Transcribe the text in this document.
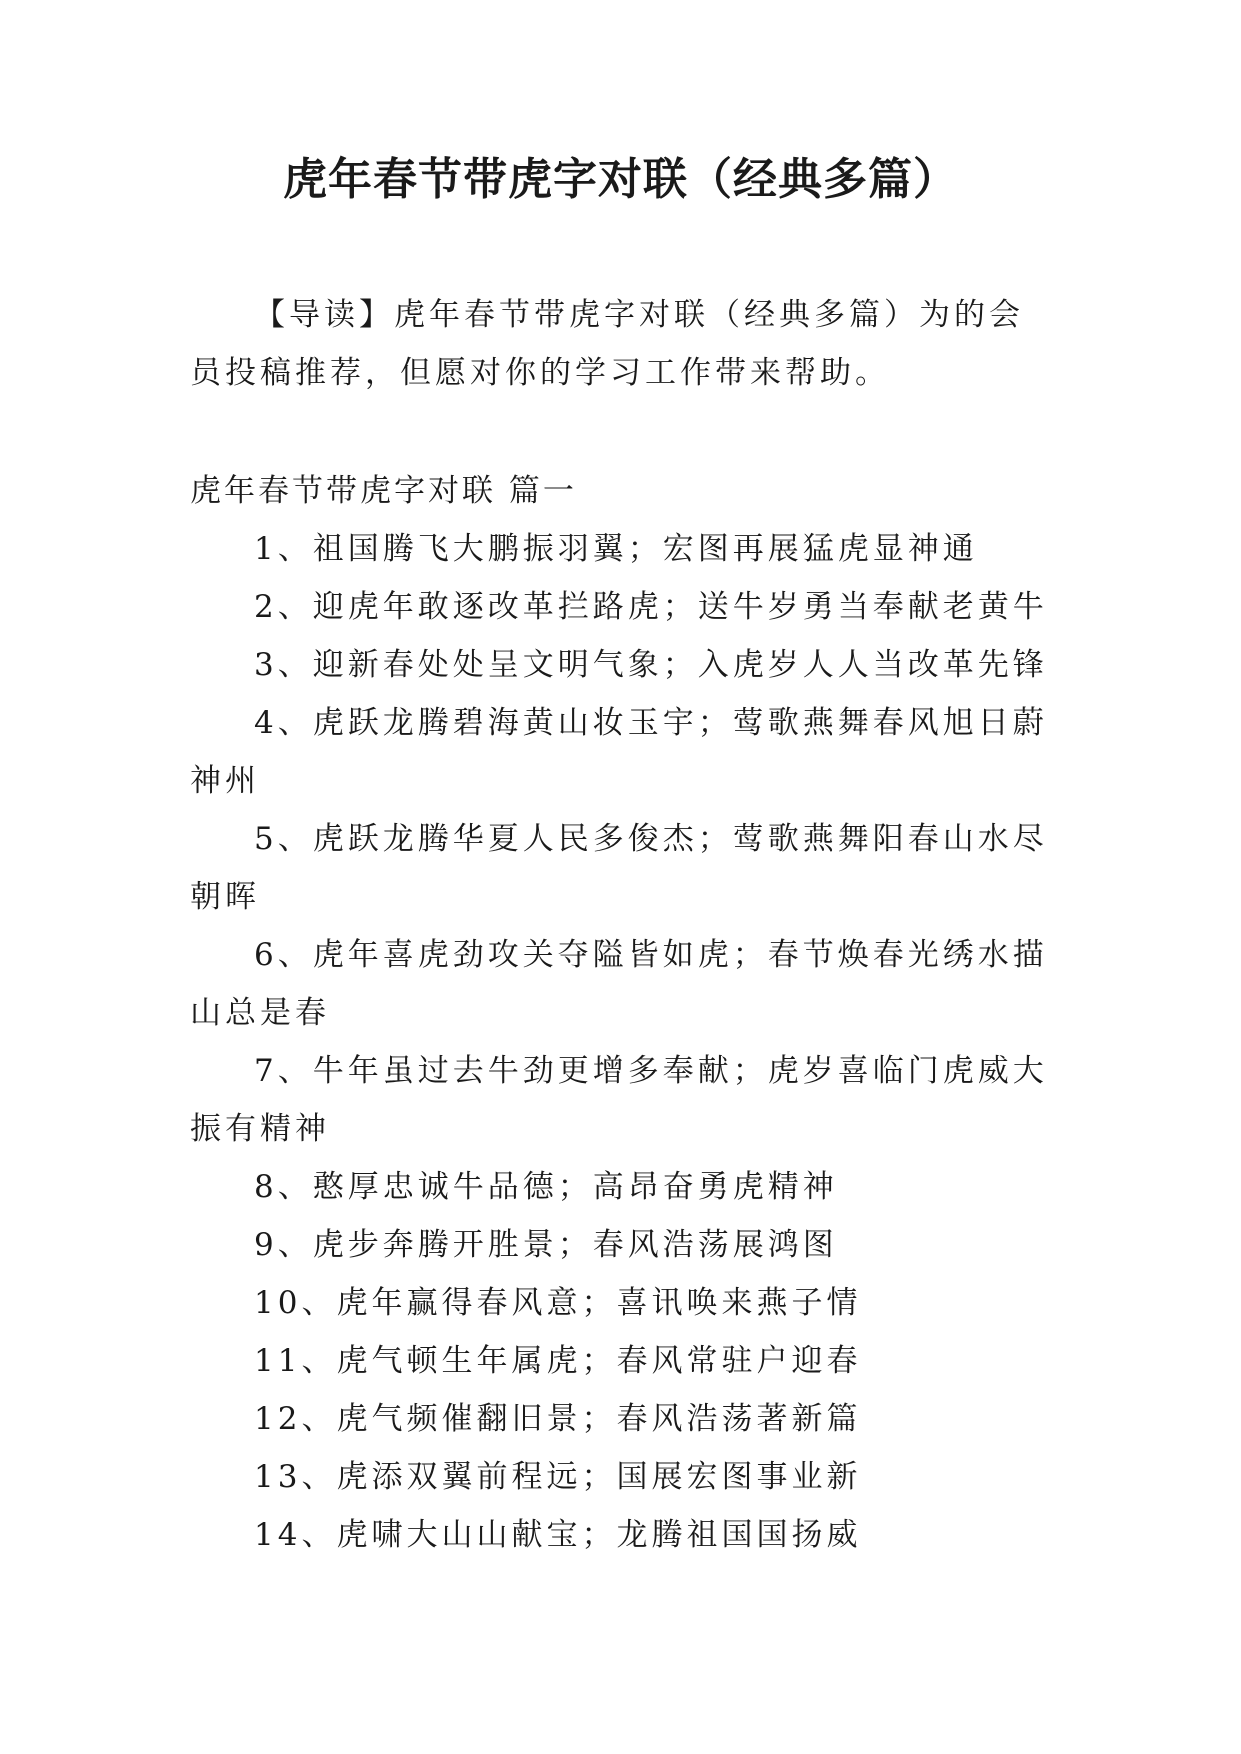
虎年春节带虎字对联（经典多篇）

【导读】虎年春节带虎字对联（经典多篇）为的会员投稿推荐，但愿对你的学习工作带来帮助。

虎年春节带虎字对联 篇一

1、祖国腾飞大鹏振羽翼；宏图再展猛虎显神通

2、迎虎年敢逐改革拦路虎；送牛岁勇当奉献老黄牛

3、迎新春处处呈文明气象；入虎岁人人当改革先锋

4、虎跃龙腾碧海黄山妆玉宇；莺歌燕舞春风旭日蔚神州

5、虎跃龙腾华夏人民多俊杰；莺歌燕舞阳春山水尽朝晖

6、虎年喜虎劲攻关夺隘皆如虎；春节焕春光绣水描山总是春

7、牛年虽过去牛劲更增多奉献；虎岁喜临门虎威大振有精神

8、憨厚忠诚牛品德；高昂奋勇虎精神

9、虎步奔腾开胜景；春风浩荡展鸿图

10、虎年赢得春风意；喜讯唤来燕子情

11、虎气顿生年属虎；春风常驻户迎春

12、虎气频催翻旧景；春风浩荡著新篇

13、虎添双翼前程远；国展宏图事业新

14、虎啸大山山献宝；龙腾祖国国扬威
